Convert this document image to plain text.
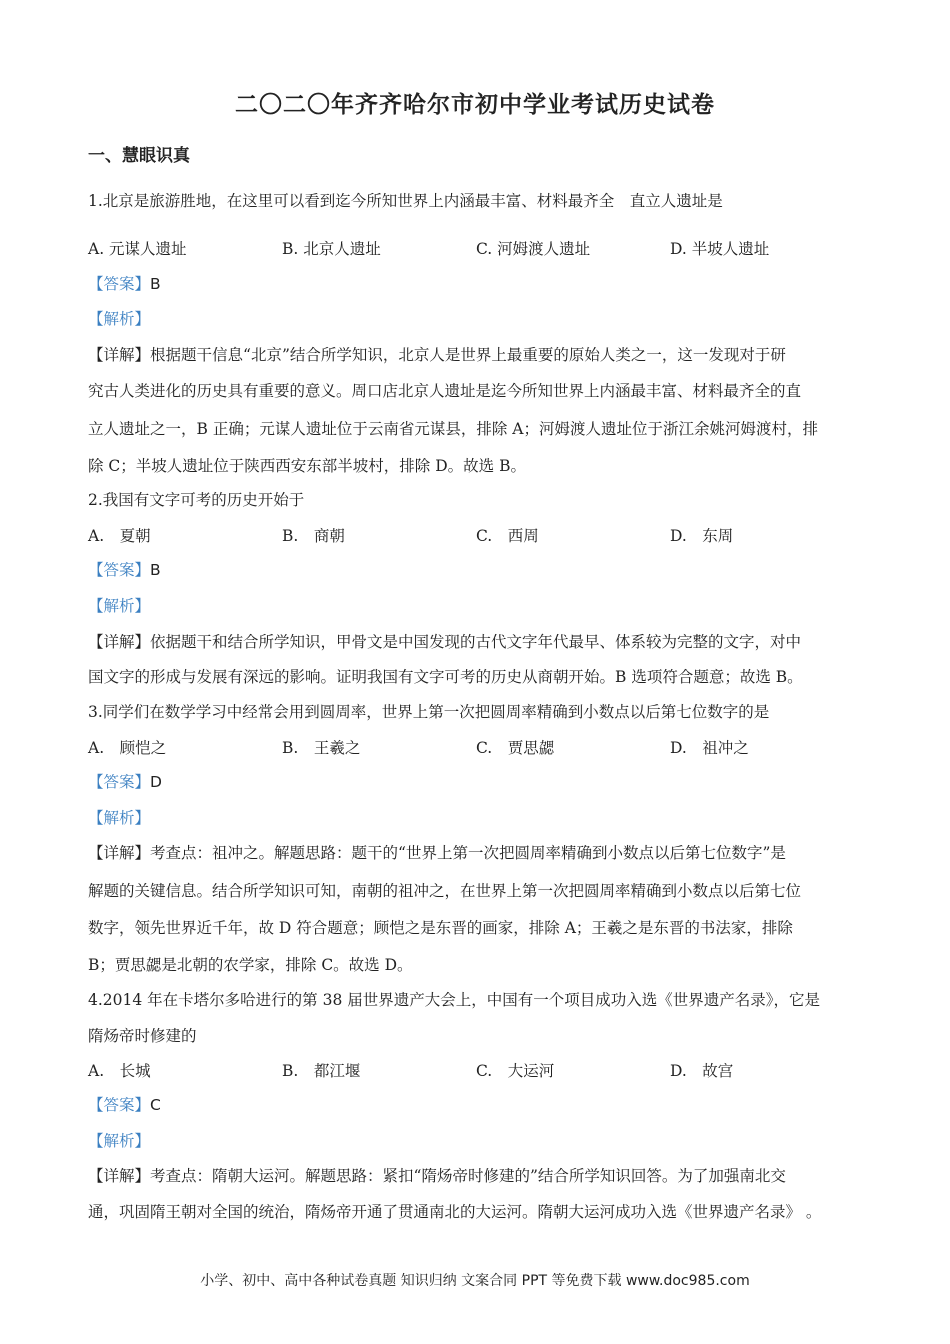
二〇二〇年齐齐哈尔市初中学业考试历史试卷
一、慧眼识真
1.北京是旅游胜地，在这里可以看到迄今所知世界上内涵最丰富、材料最齐全　直立人遗址是
A. 元谋人遗址	B. 北京人遗址	C. 河姆渡人遗址	D. 半坡人遗址
【答案】B
【解析】
【详解】根据题干信息“北京”结合所学知识，北京人是世界上最重要的原始人类之一，这一发现对于研
究古人类进化的历史具有重要的意义。周口店北京人遗址是迄今所知世界上内涵最丰富、材料最齐全的直
立人遗址之一，B 正确；元谋人遗址位于云南省元谋县，排除 A；河姆渡人遗址位于浙江余姚河姆渡村，排
除 C；半坡人遗址位于陕西西安东部半坡村，排除 D。故选 B。
2.我国有文字可考的历史开始于
A.　夏朝	B.　商朝	C.　西周	D.　东周
【答案】B
【解析】
【详解】依据题干和结合所学知识，甲骨文是中国发现的古代文字年代最早、体系较为完整的文字，对中
国文字的形成与发展有深远的影响。证明我国有文字可考的历史从商朝开始。B 选项符合题意；故选 B。
3.同学们在数学学习中经常会用到圆周率，世界上第一次把圆周率精确到小数点以后第七位数字的是
A.　顾恺之	B.　王羲之	C.　贾思勰	D.　祖冲之
【答案】D
【解析】
【详解】考查点：祖冲之。解题思路：题干的“世界上第一次把圆周率精确到小数点以后第七位数字”是
解题的关键信息。结合所学知识可知，南朝的祖冲之，在世界上第一次把圆周率精确到小数点以后第七位
数字，领先世界近千年，故 D 符合题意；顾恺之是东晋的画家，排除 A；王羲之是东晋的书法家，排除
B；贾思勰是北朝的农学家，排除 C。故选 D。
4.2014 年在卡塔尔多哈进行的第 38 届世界遗产大会上，中国有一个项目成功入选《世界遗产名录》，它是
隋炀帝时修建的
A.　长城	B.　都江堰	C.　大运河	D.　故宫
【答案】C
【解析】
【详解】考查点：隋朝大运河。解题思路：紧扣“隋炀帝时修建的”结合所学知识回答。为了加强南北交
通，巩固隋王朝对全国的统治，隋炀帝开通了贯通南北的大运河。隋朝大运河成功入选《世界遗产名录》 。
小学、初中、高中各种试卷真题 知识归纳 文案合同 PPT 等免费下载 www.doc985.com
